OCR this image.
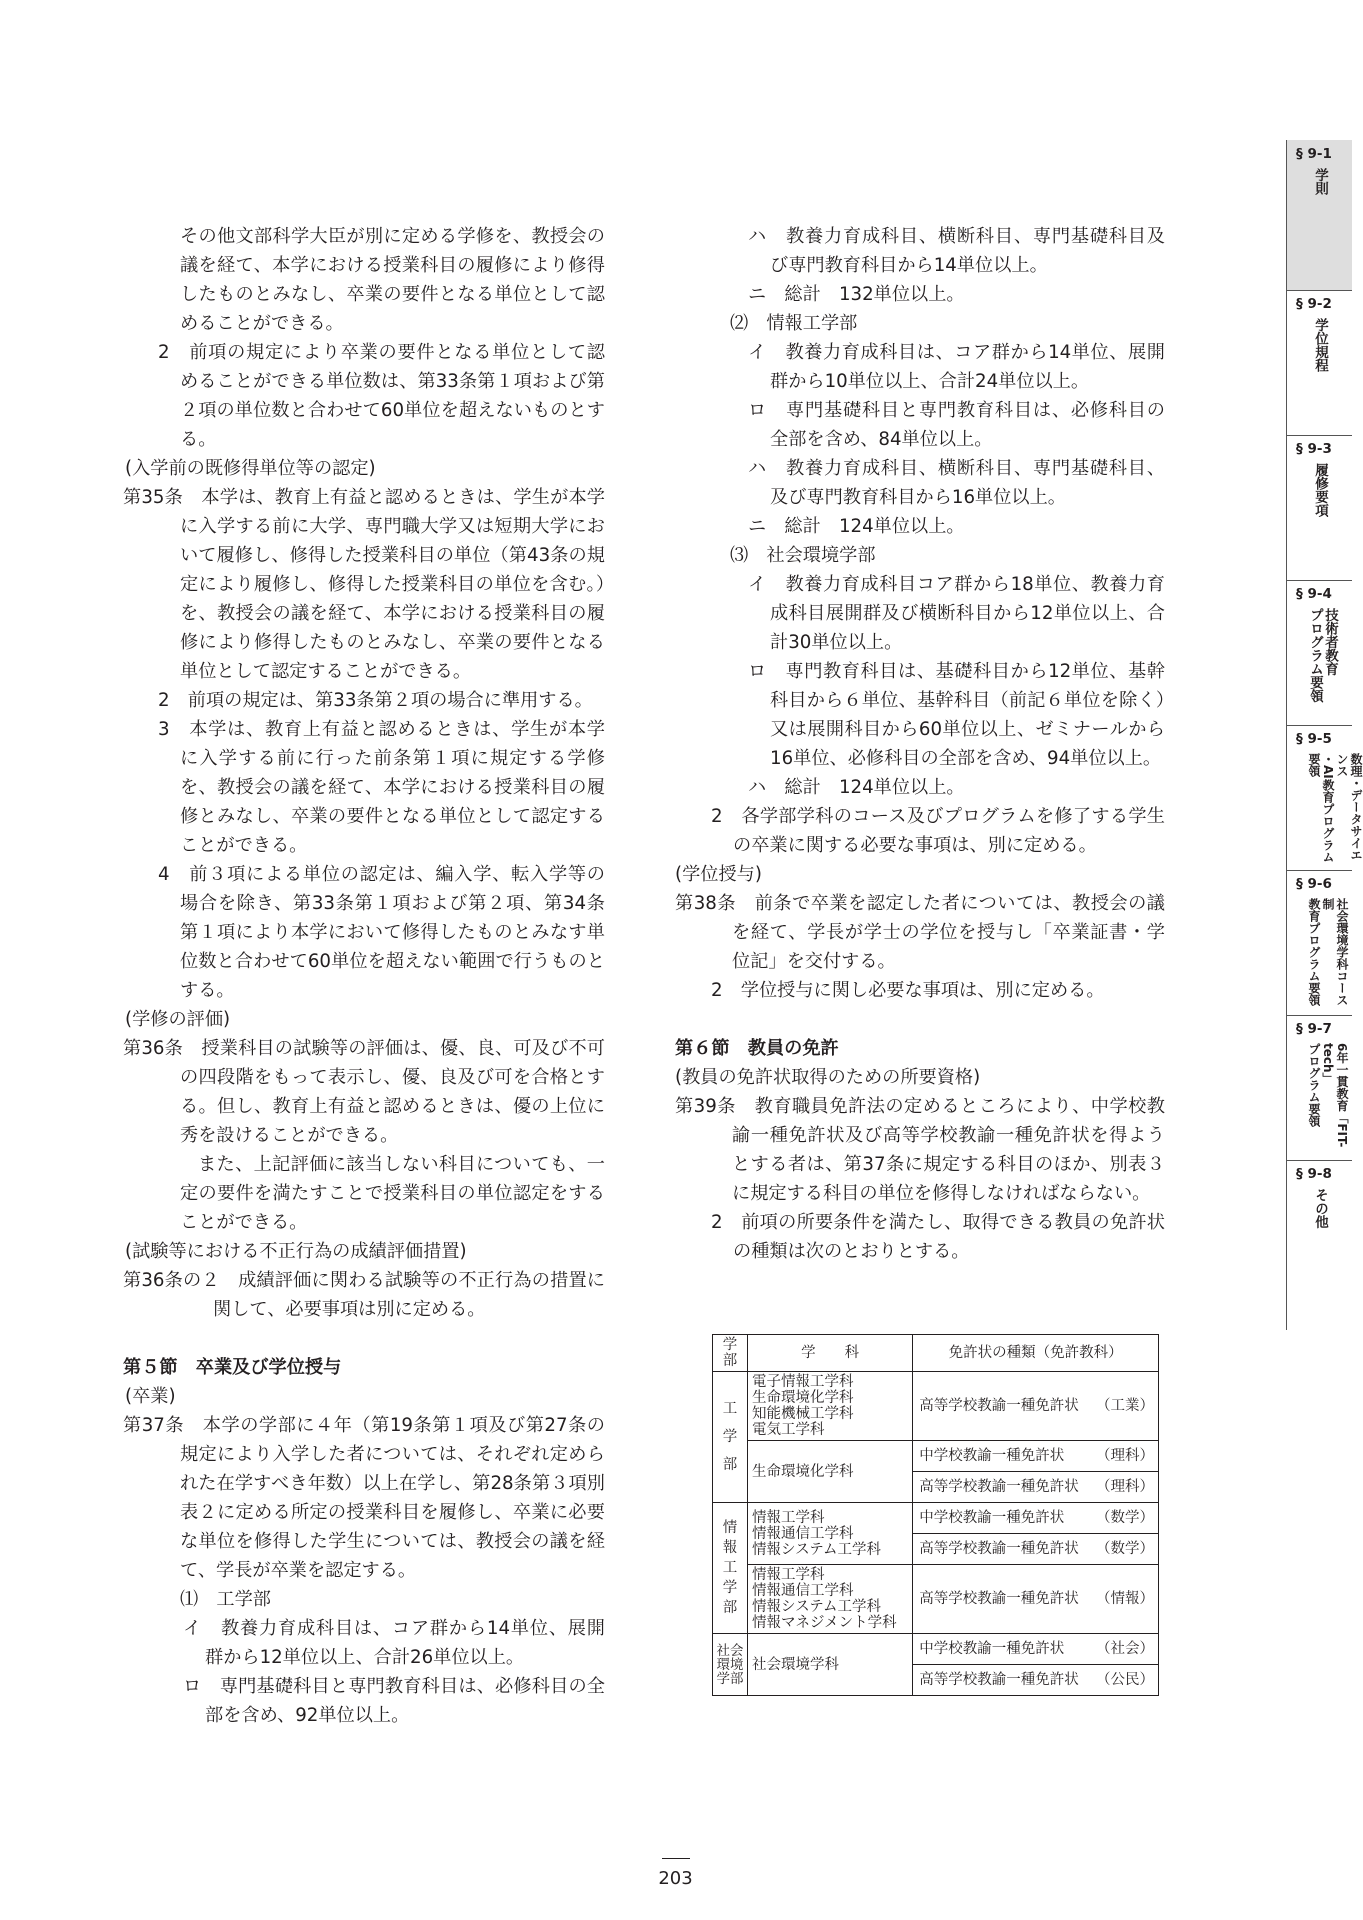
その他文部科学大臣が別に定める学修を、教授会の議を経て、本学における授業科目の履修により修得したものとみなし、卒業の要件となる単位として認めることができる。

2　前項の規定により卒業の要件となる単位として認めることができる単位数は、第33条第１項および第２項の単位数と合わせて60単位を超えないものとする。

(入学前の既修得単位等の認定)

第35条　本学は、教育上有益と認めるときは、学生が本学に入学する前に大学、専門職大学又は短期大学において履修し、修得した授業科目の単位（第43条の規定により履修し、修得した授業科目の単位を含む。）を、教授会の議を経て、本学における授業科目の履修により修得したものとみなし、卒業の要件となる単位として認定することができる。

2　前項の規定は、第33条第２項の場合に準用する。

3　本学は、教育上有益と認めるときは、学生が本学に入学する前に行った前条第１項に規定する学修を、教授会の議を経て、本学における授業科目の履修とみなし、卒業の要件となる単位として認定することができる。

4　前３項による単位の認定は、編入学、転入学等の場合を除き、第33条第１項および第２項、第34条第１項により本学において修得したものとみなす単位数と合わせて60単位を超えない範囲で行うものとする。

(学修の評価)

第36条　授業科目の試験等の評価は、優、良、可及び不可の四段階をもって表示し、優、良及び可を合格とする。但し、教育上有益と認めるときは、優の上位に秀を設けることができる。

また、上記評価に該当しない科目についても、一定の要件を満たすことで授業科目の単位認定をすることができる。

(試験等における不正行為の成績評価措置)

第36条の２　成績評価に関わる試験等の不正行為の措置に関して、必要事項は別に定める。

第５節　卒業及び学位授与

(卒業)

第37条　本学の学部に４年（第19条第１項及び第27条の規定により入学した者については、それぞれ定められた在学すべき年数）以上在学し、第28条第３項別表２に定める所定の授業科目を履修し、卒業に必要な単位を修得した学生については、教授会の議を経て、学長が卒業を認定する。

⑴　工学部

イ　教養力育成科目は、コア群から14単位、展開群から12単位以上、合計26単位以上。

ロ　専門基礎科目と専門教育科目は、必修科目の全部を含め、92単位以上。

ハ　教養力育成科目、横断科目、専門基礎科目及び専門教育科目から14単位以上。

ニ　総計　132単位以上。

⑵　情報工学部

イ　教養力育成科目は、コア群から14単位、展開群から10単位以上、合計24単位以上。

ロ　専門基礎科目と専門教育科目は、必修科目の全部を含め、84単位以上。

ハ　教養力育成科目、横断科目、専門基礎科目、及び専門教育科目から16単位以上。

ニ　総計　124単位以上。

⑶　社会環境学部

イ　教養力育成科目コア群から18単位、教養力育成科目展開群及び横断科目から12単位以上、合計30単位以上。

ロ　専門教育科目は、基礎科目から12単位、基幹科目から６単位、基幹科目（前記６単位を除く）又は展開科目から60単位以上、ゼミナールから16単位、必修科目の全部を含め、94単位以上。

ハ　総計　124単位以上。

2　各学部学科のコース及びプログラムを修了する学生の卒業に関する必要な事項は、別に定める。

(学位授与)

第38条　前条で卒業を認定した者については、教授会の議を経て、学長が学士の学位を授与し「卒業証書・学位記」を交付する。

2　学位授与に関し必要な事項は、別に定める。

第６節　教員の免許

(教員の免許状取得のための所要資格)

第39条　教育職員免許法の定めるところにより、中学校教諭一種免許状及び高等学校教諭一種免許状を得ようとする者は、第37条に規定する科目のほか、別表３に規定する科目の単位を修得しなければならない。

2　前項の所要条件を満たし、取得できる教員の免許状の種類は次のとおりとする。

学部	学　　科	免許状の種類（免許教科）

工
学
部	電子情報工学科
生命環境化学科
知能機械工学科
電気工学科	高等学校教諭一種免許状 （工業）

	生命環境化学科	中学校教諭一種免許状 （理科）

		高等学校教諭一種免許状 （理科）

情
報
工
学
部	情報工学科
情報通信工学科
情報システム工学科	中学校教諭一種免許状 （数学）

		高等学校教諭一種免許状 （数学）

	情報工学科
情報通信工学科
情報システム工学科
情報マネジメント学科	高等学校教諭一種免許状 （情報）

社会
環境
学部	社会環境学科	中学校教諭一種免許状 （社会）

		高等学校教諭一種免許状 （公民）
§ 9-1
学則
§ 9-2
学位規程
§ 9-3
履修要項
§ 9-4
技術者教育
プログラム要領
§ 9-5
数理・データサイエンス
・AI教育プログラム要領
§ 9-6
社会環境学科コース制
教育プログラム要領
§ 9-7
6年一貫教育「FIT-tech」
プログラム要領
§ 9-8
その他
203
